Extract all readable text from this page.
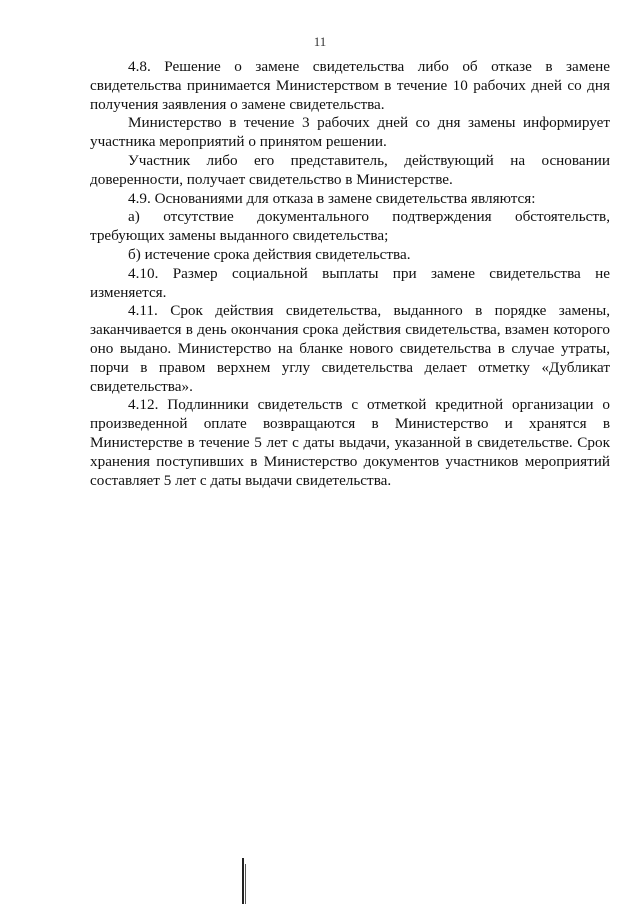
11

4.8. Решение о замене свидетельства либо об отказе в замене свидетельства принимается Министерством в течение 10 рабочих дней со дня получения заявления о замене свидетельства.

Министерство в течение 3 рабочих дней со дня замены информирует участника мероприятий о принятом решении.

Участник либо его представитель, действующий на основании доверенности, получает свидетельство в Министерстве.

4.9. Основаниями для отказа в замене свидетельства являются:

а) отсутствие документального подтверждения обстоятельств, требующих замены выданного свидетельства;

б) истечение срока действия свидетельства.

4.10. Размер социальной выплаты при замене свидетельства не изменяется.

4.11. Срок действия свидетельства, выданного в порядке замены, заканчивается в день окончания срока действия свидетельства, взамен которого оно выдано. Министерство на бланке нового свидетельства в случае утраты, порчи в правом верхнем углу свидетельства делает отметку «Дубликат свидетельства».

4.12. Подлинники свидетельств с отметкой кредитной организации о произведенной оплате возвращаются в Министерство и хранятся в Министерстве в течение 5 лет с даты выдачи, указанной в свидетельстве. Срок хранения поступивших в Министерство документов участников мероприятий составляет 5 лет с даты выдачи свидетельства.
